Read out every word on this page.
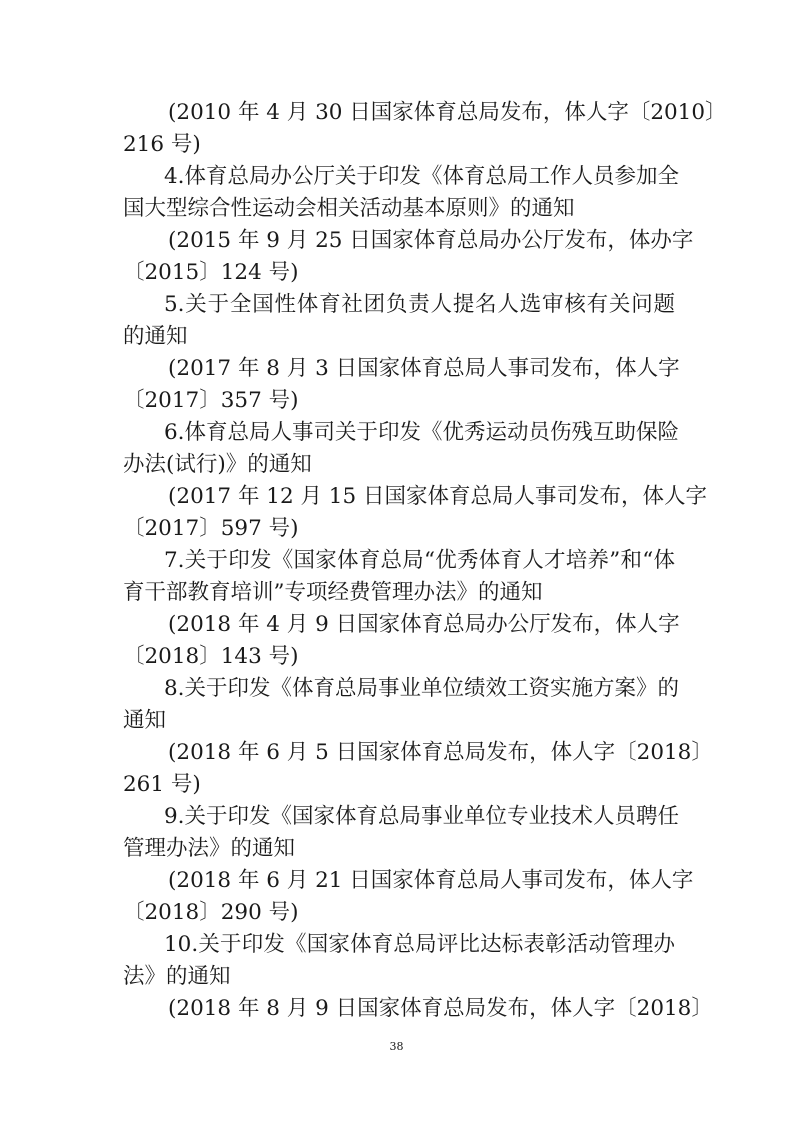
(2010 年 4 月 30 日国家体育总局发布，体人字〔2010〕
216 号)
4.体育总局办公厅关于印发《体育总局工作人员参加全
国大型综合性运动会相关活动基本原则》的通知
(2015 年 9 月 25 日国家体育总局办公厅发布，体办字
〔2015〕124 号)
5.关于全国性体育社团负责人提名人选审核有关问题
的通知
(2017 年 8 月 3 日国家体育总局人事司发布，体人字
〔2017〕357 号)
6.体育总局人事司关于印发《优秀运动员伤残互助保险
办法(试行)》的通知
(2017 年 12 月 15 日国家体育总局人事司发布，体人字
〔2017〕597 号)
7.关于印发《国家体育总局“优秀体育人才培养”和“体
育干部教育培训”专项经费管理办法》的通知
(2018 年 4 月 9 日国家体育总局办公厅发布，体人字
〔2018〕143 号)
8.关于印发《体育总局事业单位绩效工资实施方案》的
通知
(2018 年 6 月 5 日国家体育总局发布，体人字〔2018〕
261 号)
9.关于印发《国家体育总局事业单位专业技术人员聘任
管理办法》的通知
(2018 年 6 月 21 日国家体育总局人事司发布，体人字
〔2018〕290 号)
10.关于印发《国家体育总局评比达标表彰活动管理办
法》的通知
(2018 年 8 月 9 日国家体育总局发布，体人字〔2018〕
38
